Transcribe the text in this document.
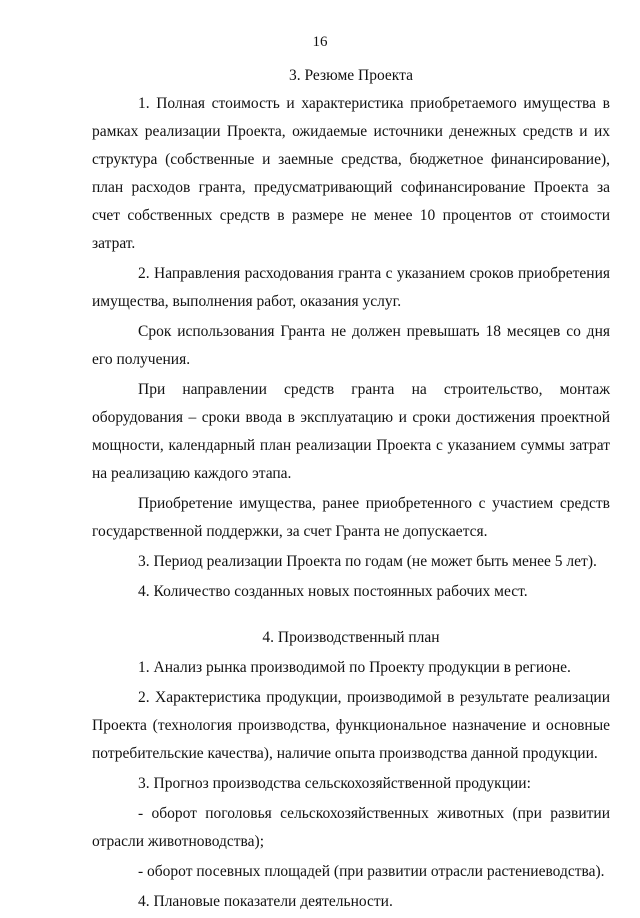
16
3. Резюме Проекта

1. Полная стоимость и характеристика приобретаемого имущества в рамках реализации Проекта, ожидаемые источники денежных средств и их структура (собственные и заемные средства, бюджетное финансирование), план расходов гранта, предусматривающий софинансирование Проекта за счет собственных средств в размере не менее 10 процентов от стоимости затрат.

2. Направления расходования гранта с указанием сроков приобретения имущества, выполнения работ, оказания услуг.

Срок использования Гранта не должен превышать 18 месяцев со дня его получения.

При направлении средств гранта на строительство, монтаж оборудования – сроки ввода в эксплуатацию и сроки достижения проектной мощности, календарный план реализации Проекта с указанием суммы затрат на реализацию каждого этапа.

Приобретение имущества, ранее приобретенного с участием средств государственной поддержки, за счет Гранта не допускается.

3. Период реализации Проекта по годам (не может быть менее 5 лет).

4. Количество созданных новых постоянных рабочих мест.

4. Производственный план

1. Анализ рынка производимой по Проекту продукции в регионе.

2. Характеристика продукции, производимой в результате реализации Проекта (технология производства, функциональное назначение и основные потребительские качества), наличие опыта производства данной продукции.

3. Прогноз производства сельскохозяйственной продукции:

- оборот поголовья сельскохозяйственных животных (при развитии отрасли животноводства);

- оборот посевных площадей (при развитии отрасли растениеводства).

4. Плановые показатели деятельности.
